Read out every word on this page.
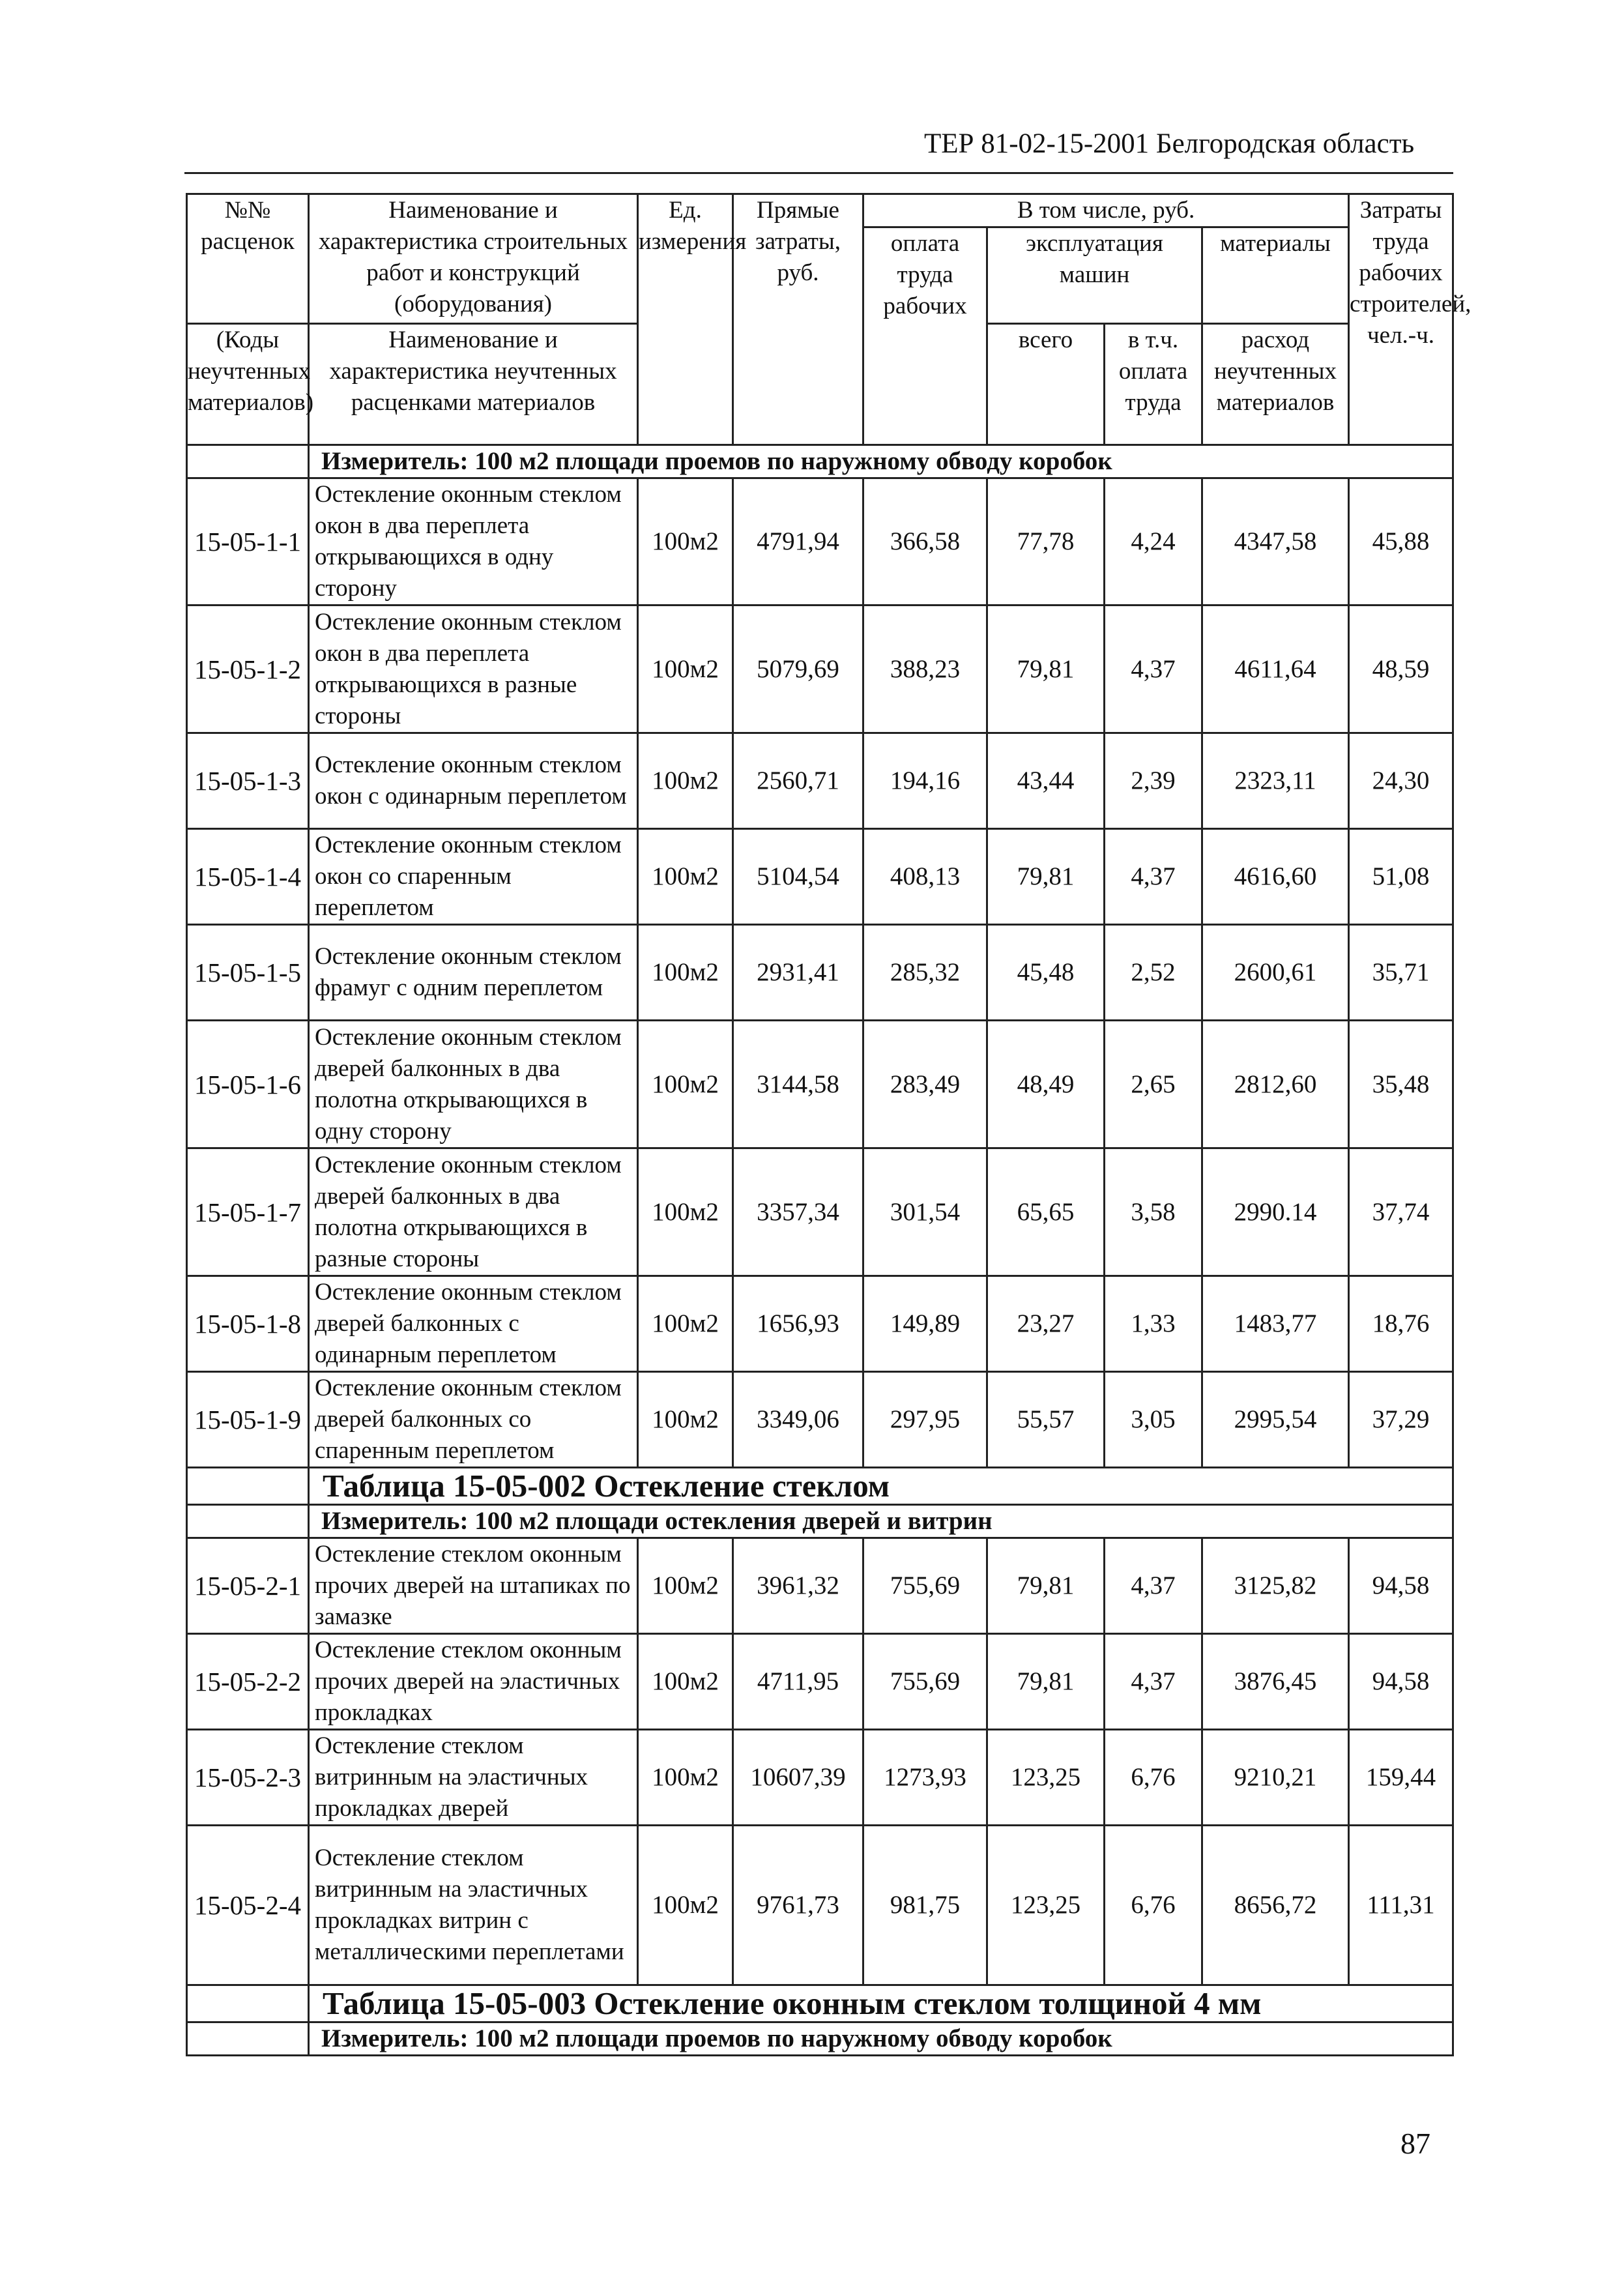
ТЕР 81-02-15-2001 Белгородская область
№№ расценок	Наименование и характеристика строительных работ и конструкций (оборудования)	Ед. измерения	Прямые затраты, руб.	В том числе, руб.				Затраты труда рабочих строителей, чел.-ч.
				оплата труда рабочих	эксплуатация машин		материалы	

(Коды неучтенных материалов)	Наименование и характеристика неучтенных расценками материалов				всего	в т.ч. оплата труда	расход неучтенных материалов	

	Измеритель: 100 м2 площади проемов по наружному обводу коробок							
15-05-1-1	Остекление оконным стеклом окон в два переплета открывающихся в одну сторону	100м2	4791,94	366,58	77,78	4,24	4347,58	45,88
15-05-1-2	Остекление оконным стеклом окон в два переплета открывающихся в разные стороны	100м2	5079,69	388,23	79,81	4,37	4611,64	48,59
15-05-1-3	Остекление оконным стеклом окон с одинарным переплетом	100м2	2560,71	194,16	43,44	2,39	2323,11	24,30
15-05-1-4	Остекление оконным стеклом окон со спаренным переплетом	100м2	5104,54	408,13	79,81	4,37	4616,60	51,08
15-05-1-5	Остекление оконным стеклом фрамуг с одним переплетом	100м2	2931,41	285,32	45,48	2,52	2600,61	35,71
15-05-1-6	Остекление оконным стеклом дверей балконных в два полотна открывающихся в одну сторону	100м2	3144,58	283,49	48,49	2,65	2812,60	35,48
15-05-1-7	Остекление оконным стеклом дверей балконных в два полотна открывающихся в разные стороны	100м2	3357,34	301,54	65,65	3,58	2990.14	37,74
15-05-1-8	Остекление оконным стеклом дверей балконных с одинарным переплетом	100м2	1656,93	149,89	23,27	1,33	1483,77	18,76
15-05-1-9	Остекление оконным стеклом дверей балконных со спаренным переплетом	100м2	3349,06	297,95	55,57	3,05	2995,54	37,29
	Таблица 15-05-002 Остекление стеклом							
	Измеритель: 100 м2 площади остекления дверей и витрин							
15-05-2-1	Остекление стеклом оконным прочих дверей на штапиках по замазке	100м2	3961,32	755,69	79,81	4,37	3125,82	94,58
15-05-2-2	Остекление стеклом оконным прочих дверей на эластичных прокладках	100м2	4711,95	755,69	79,81	4,37	3876,45	94,58
15-05-2-3	Остекление стеклом витринным на эластичных прокладках дверей	100м2	10607,39	1273,93	123,25	6,76	9210,21	159,44
15-05-2-4	Остекление стеклом витринным на эластичных прокладках витрин с металлическими переплетами	100м2	9761,73	981,75	123,25	6,76	8656,72	111,31
	Таблица 15-05-003 Остекление оконным стеклом толщиной 4 мм							
	Измеритель: 100 м2 площади проемов по наружному обводу коробок							
87
